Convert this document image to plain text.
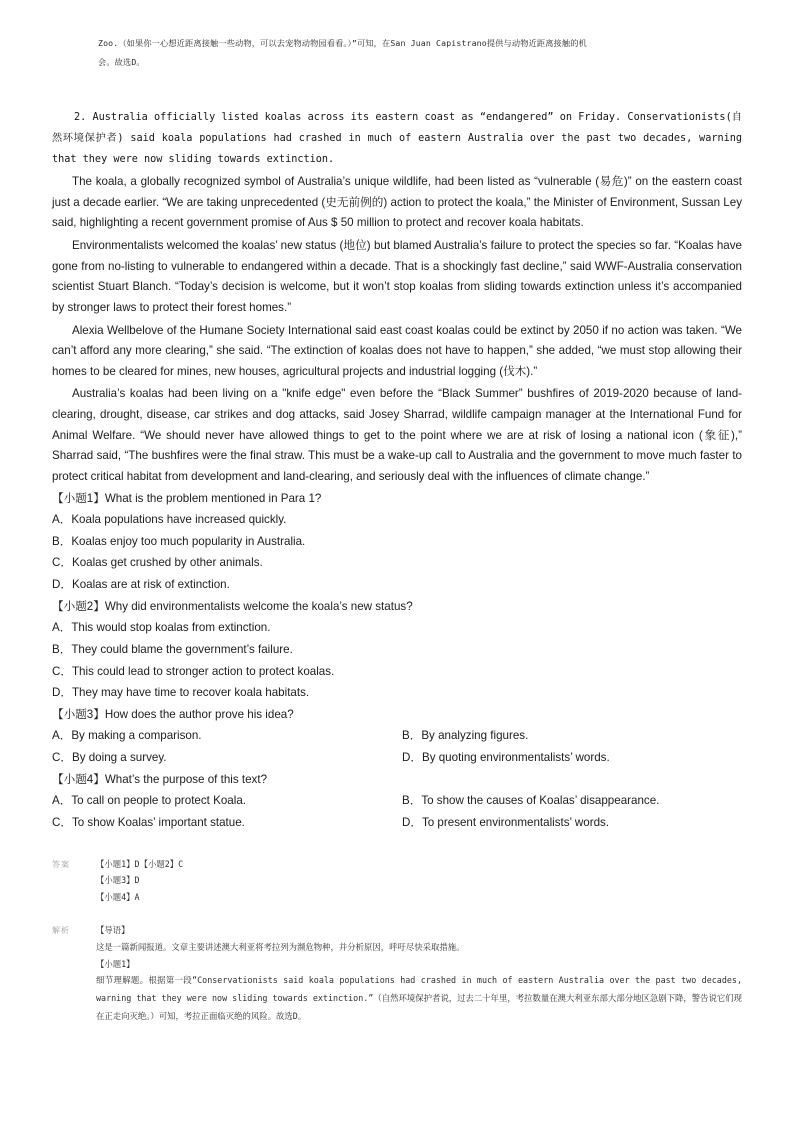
Zoo.（如果你一心想近距离接触一些动物，可以去宠物动物园看看。）”可知，在San Juan Capistrano提供与动物近距离接触的机
会。故选D。
2. Australia officially listed koalas across its eastern coast as “endangered” on Friday. Conservationists(自然环境保护者) said koala populations had crashed in much of eastern Australia over the past two decades, warning that they were now sliding towards extinction.

The koala, a globally recognized symbol of Australia’s unique wildlife, had been listed as “vulnerable (易危)” on the eastern coast just a decade earlier. “We are taking unprecedented (史无前例的) action to protect the koala,” the Minister of Environment, Sussan Ley said, highlighting a recent government promise of Aus $ 50 million to protect and recover koala habitats.

Environmentalists welcomed the koalas’ new status (地位) but blamed Australia’s failure to protect the species so far. “Koalas have gone from no-listing to vulnerable to endangered within a decade. That is a shockingly fast decline,” said WWF-Australia conservation scientist Stuart Blanch. “Today’s decision is welcome, but it won’t stop koalas from sliding towards extinction unless it’s accompanied by stronger laws to protect their forest homes.”

Alexia Wellbelove of the Humane Society International said east coast koalas could be extinct by 2050 if no action was taken. “We can’t afford any more clearing,” she said. “The extinction of koalas does not have to happen,” she added, “we must stop allowing their homes to be cleared for mines, new houses, agricultural projects and industrial logging (伐木).”

Australia’s koalas had been living on a "knife edge" even before the “Black Summer” bushfires of 2019-2020 because of land-clearing, drought, disease, car strikes and dog attacks, said Josey Sharrad, wildlife campaign manager at the International Fund for Animal Welfare. “We should never have allowed things to get to the point where we are at risk of losing a national icon (象征),” Sharrad said, “The bushfires were the final straw. This must be a wake-up call to Australia and the government to move much faster to protect critical habitat from development and land-clearing, and seriously deal with the influences of climate change.”

【小题1】What is the problem mentioned in Para 1?

A．Koala populations have increased quickly.

B．Koalas enjoy too much popularity in Australia.

C．Koalas get crushed by other animals.

D．Koalas are at risk of extinction.

【小题2】Why did environmentalists welcome the koala’s new status?

A．This would stop koalas from extinction.

B．They could blame the government’s failure.

C．This could lead to stronger action to protect koalas.

D．They may have time to recover koala habitats.

【小题3】How does the author prove his idea?

A．By making a comparison.	B．By analyzing figures.

C．By doing a survey.	D．By quoting environmentalists’ words.

【小题4】What’s the purpose of this text?

A．To call on people to protect Koala.	B．To show the causes of Koalas’ disappearance.

C．To show Koalas’ important statue.	D．To present environmentalists’ words.

答案	【小题1】D【小题2】C
【小题3】D
【小题4】A
解析	【导语】
这是一篇新闻报道。文章主要讲述澳大利亚将考拉列为濒危物种，并分析原因，呼吁尽快采取措施。
【小题1】
细节理解题。根据第一段“Conservationists said koala populations had crashed in much of eastern Australia over the past two decades, warning that they were now sliding towards extinction.”（自然环境保护者说，过去二十年里，考拉数量在澳大利亚东部大部分地区急剧下降，警告说它们现在正走向灭绝。）可知，考拉正面临灭绝的风险。故选D。
